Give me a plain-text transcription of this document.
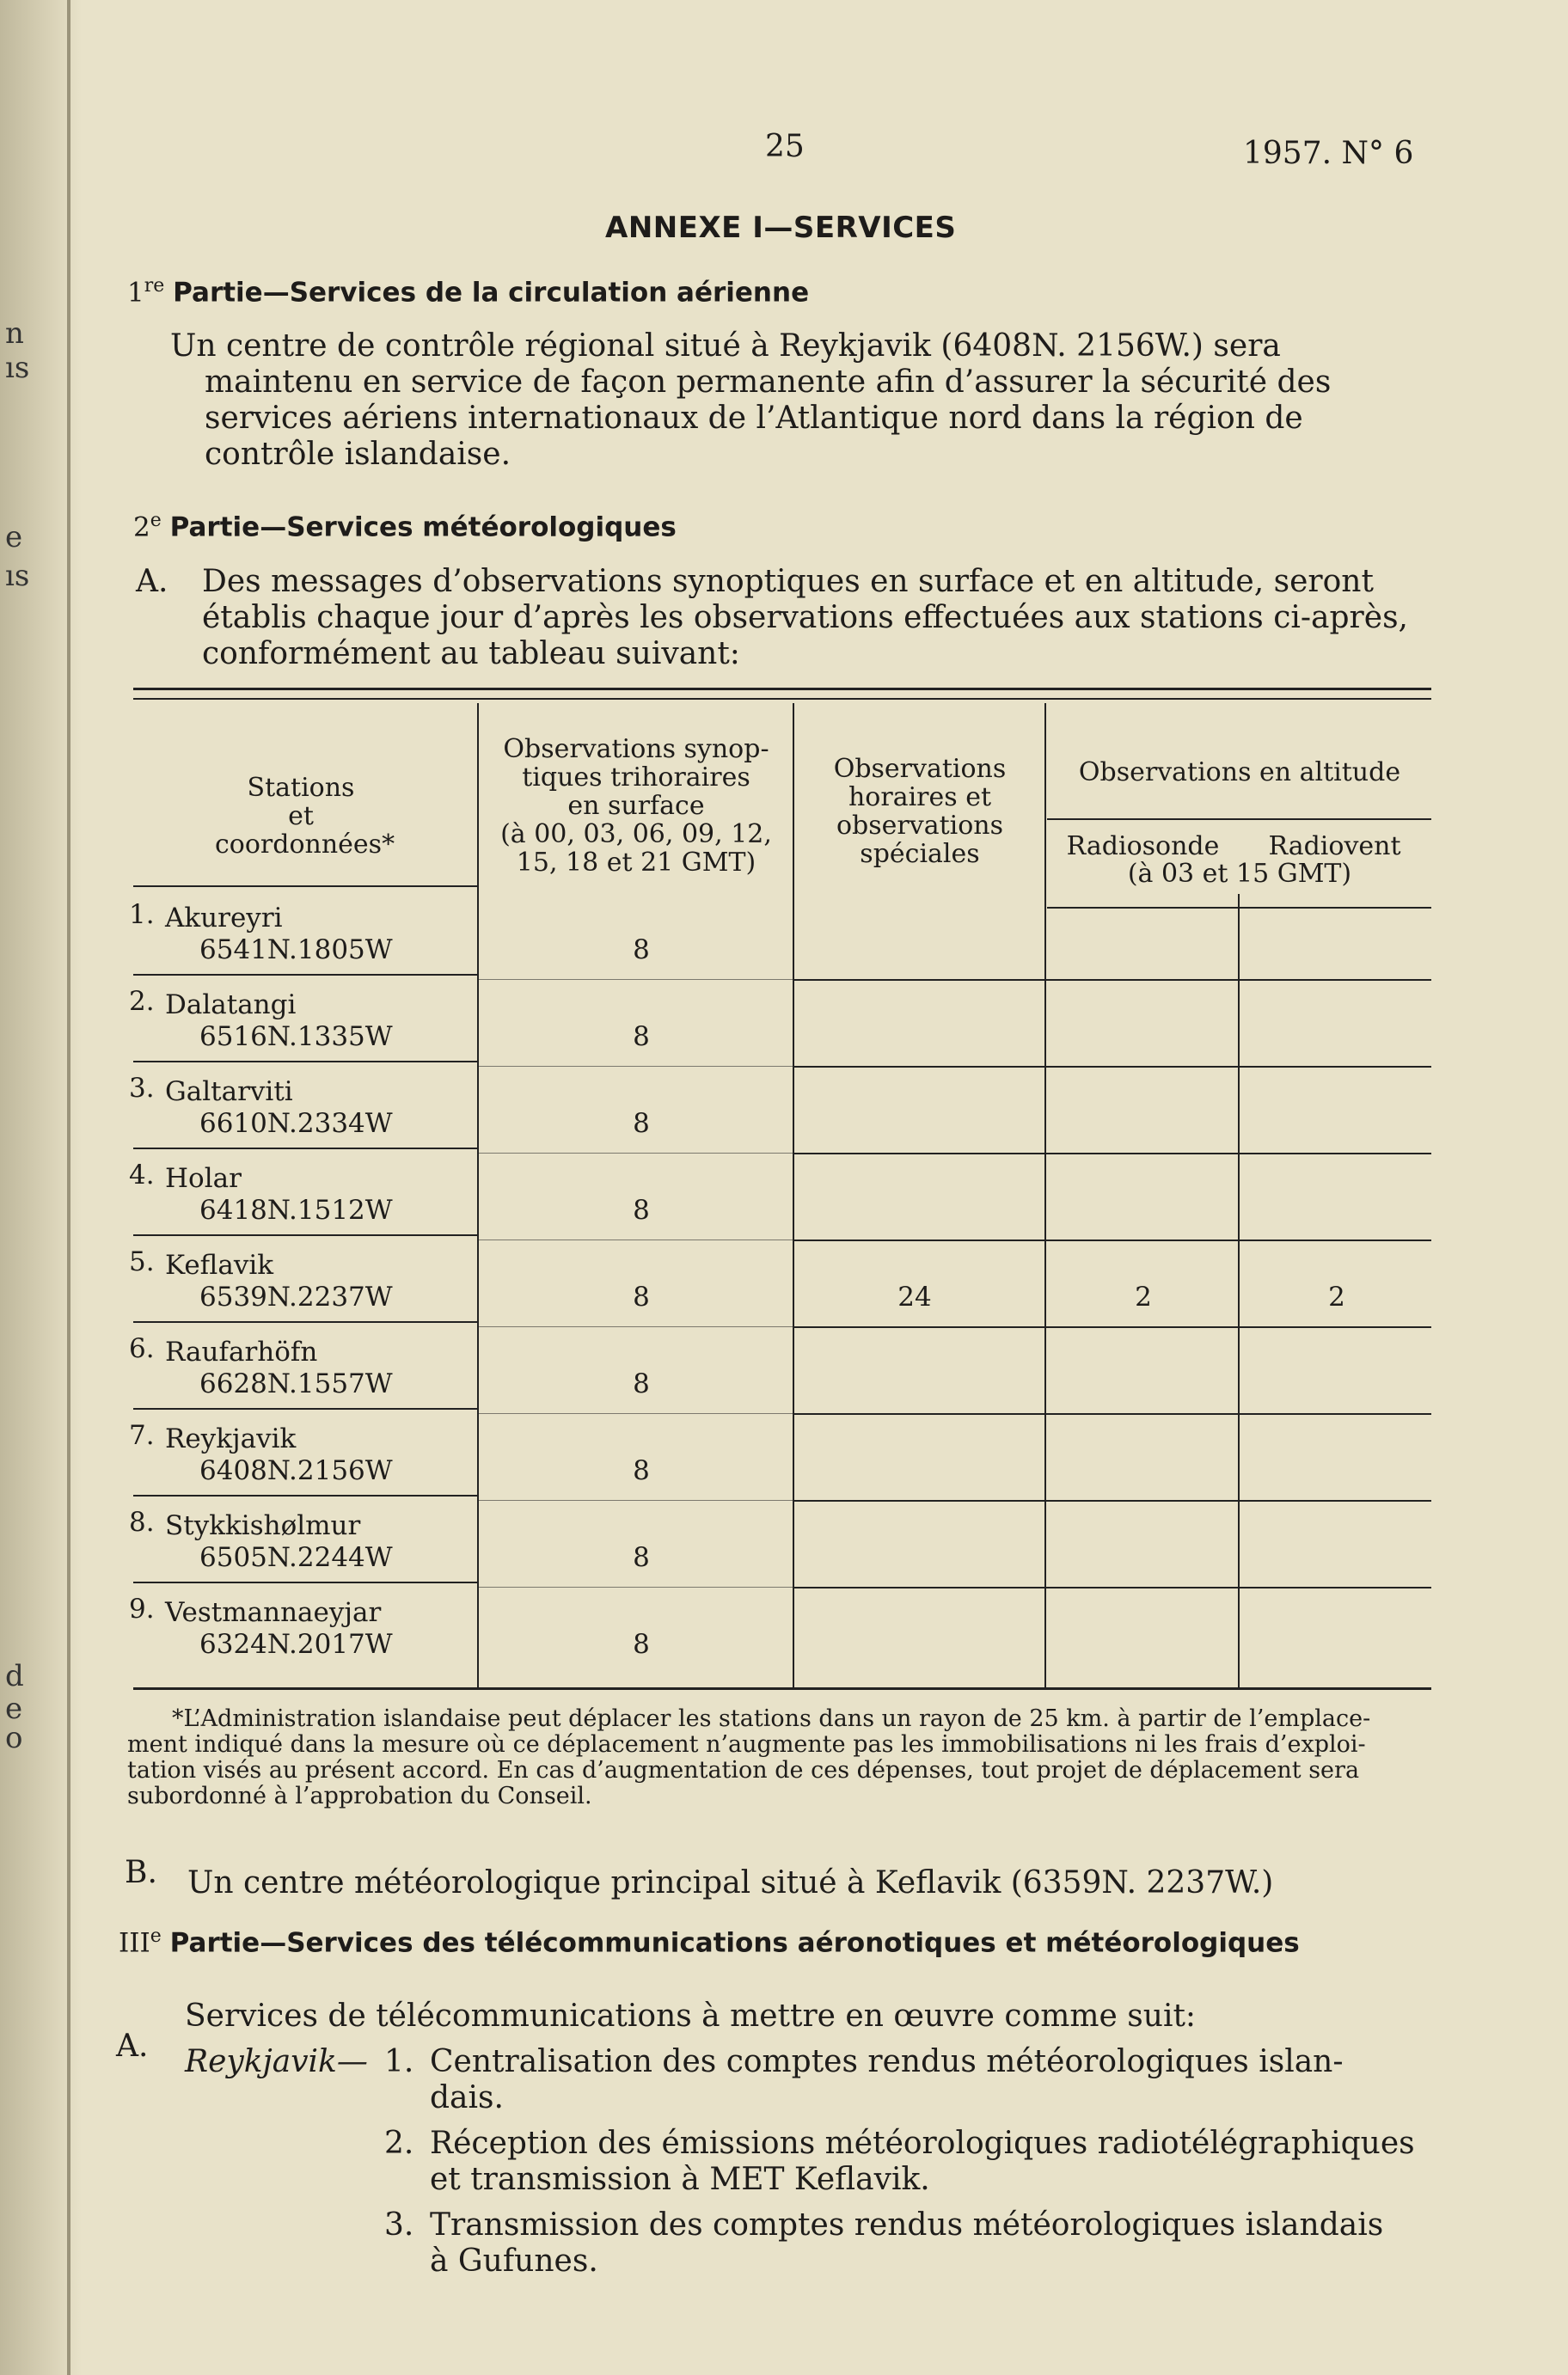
n
ıs
e
ıs
d
e
o
25	1957. N° 6
ANNEXE I—SERVICES
1re Partie—Services de la circulation aérienne
Un centre de contrôle régional situé à Reykjavik (6408N. 2156W.) sera
maintenu en service de façon permanente afin d’assurer la sécurité des
services aériens internationaux de l’Atlantique nord dans la région de
contrôle islandaise.
2e Partie—Services météorologiques
A. Des messages d’observations synoptiques en surface et en altitude, seront
établis chaque jour d’après les observations effectuées aux stations ci-après,
conformément au tableau suivant:
Stations
et coordonnées*
Observations synop-
tiques trihoraires
en surface
(à 00, 03, 06, 09, 12,
15, 18 et 21 GMT)
Observations
horaires et
observations
spéciales
Observations en altitude
Radiosonde	Radiovent
(à 03 et 15 GMT)
1. Akureyri
6541N.1805W	8
2. Dalatangi
6516N.1335W	8
3. Galtarviti
6610N.2334W	8
4. Holar
6418N.1512W	8
5. Keflavik
6539N.2237W	8	24	2	2
6. Raufarhöfn
6628N.1557W	8
7. Reykjavik
6408N.2156W	8
8. Stykkishølmur
6505N.2244W	8
9. Vestmannaeyjar
6324N.2017W	8
*L’Administration islandaise peut déplacer les stations dans un rayon de 25 km. à partir de l’emplace-
ment indiqué dans la mesure où ce déplacement n’augmente pas les immobilisations ni les frais d’exploi-
tation visés au présent accord. En cas d’augmentation de ces dépenses, tout projet de déplacement sera
subordonné à l’approbation du Conseil.
B. Un centre météorologique principal situé à Keflavik (6359N. 2237W.)
IIIe Partie—Services des télécommunications aéronotiques et météorologiques
A.
Services de télécommunications à mettre en œuvre comme suit:
Reykjavik— 1. Centralisation des comptes rendus météorologiques islan-
dais.
2. Réception des émissions météorologiques radiotélégraphiques
et transmission à MET Keflavik.
3. Transmission des comptes rendus météorologiques islandais
à Gufunes.
